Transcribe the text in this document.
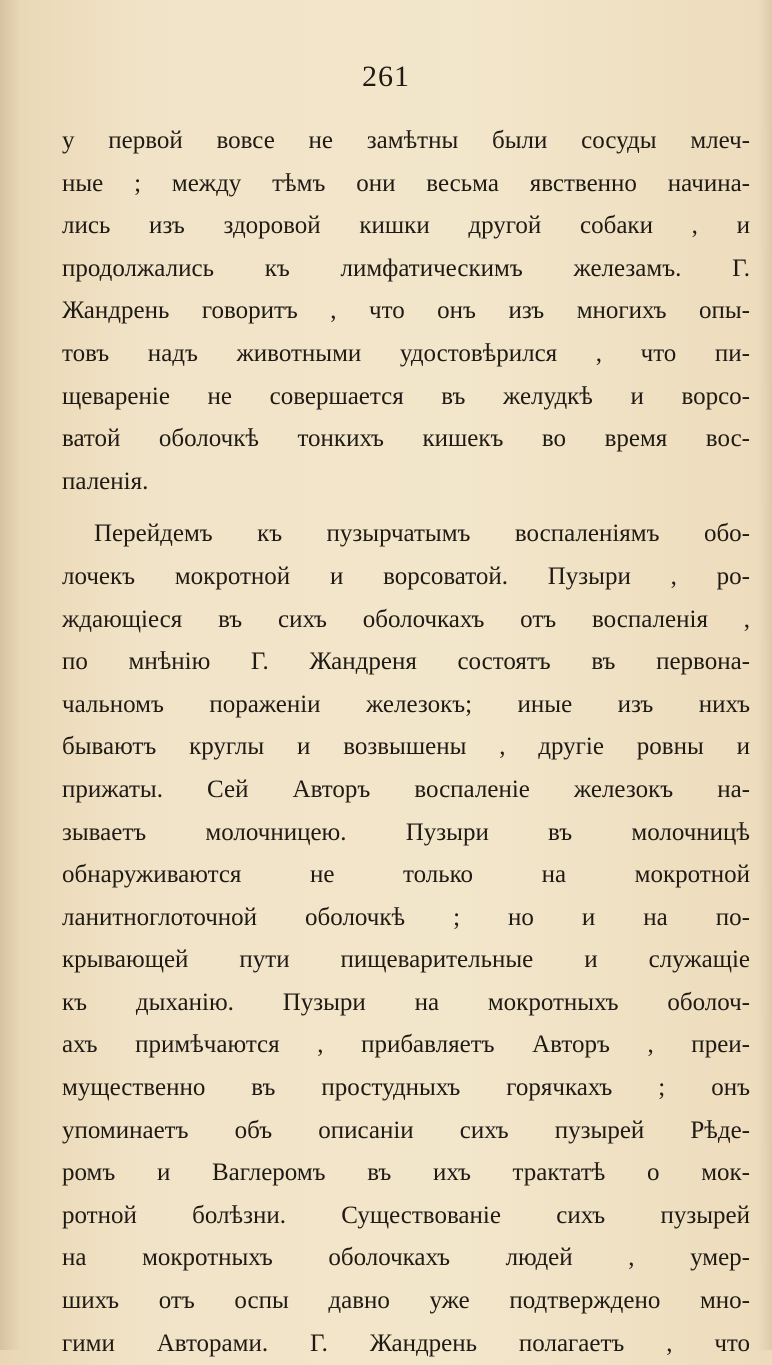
261
у первой вовсе не замѣтны были сосуды млеч-
ные ; между тѣмъ они весьма явственно начина-
лись изъ здоровой кишки другой собаки , и
продолжались къ лимфатическимъ железамъ. Г.
Жандрень говоритъ , что онъ изъ многихъ опы-
товъ надъ животными удостовѣрился , что пи-
щевареніе не совершается въ желудкѣ и ворсо-
ватой оболочкѣ тонкихъ кишекъ во время вос-
паленія.
Перейдемъ къ пузырчатымъ воспаленіямъ обо-
лочекъ мокротной и ворсоватой. Пузыри , ро-
ждающіеся въ сихъ оболочкахъ отъ воспаленія ,
по мнѣнію Г. Жандреня состоятъ въ первона-
чальномъ пораженіи железокъ; иные изъ нихъ
бываютъ круглы и возвышены , другіе ровны и
прижаты. Сей Авторъ воспаленіе железокъ на-
зываетъ молочницею. Пузыри въ молочницѣ
обнаруживаются не только на мокротной
ланитноглоточной оболочкѣ ; но и на по-
крывающей пути пищеварительные и служащіе
къ дыханію. Пузыри на мокротныхъ оболоч-
ахъ примѣчаются , прибавляетъ Авторъ , преи-
мущественно въ простудныхъ горячкахъ ; онъ
упоминаетъ объ описаніи сихъ пузырей Рѣде-
ромъ и Ваглеромъ въ ихъ трактатѣ о мок-
ротной болѣзни. Существованіе сихъ пузырей
на мокротныхъ оболочкахъ людей , умер-
шихъ отъ оспы давно уже подтверждено мно-
гими Авторами. Г. Жандрень полагаетъ , что
